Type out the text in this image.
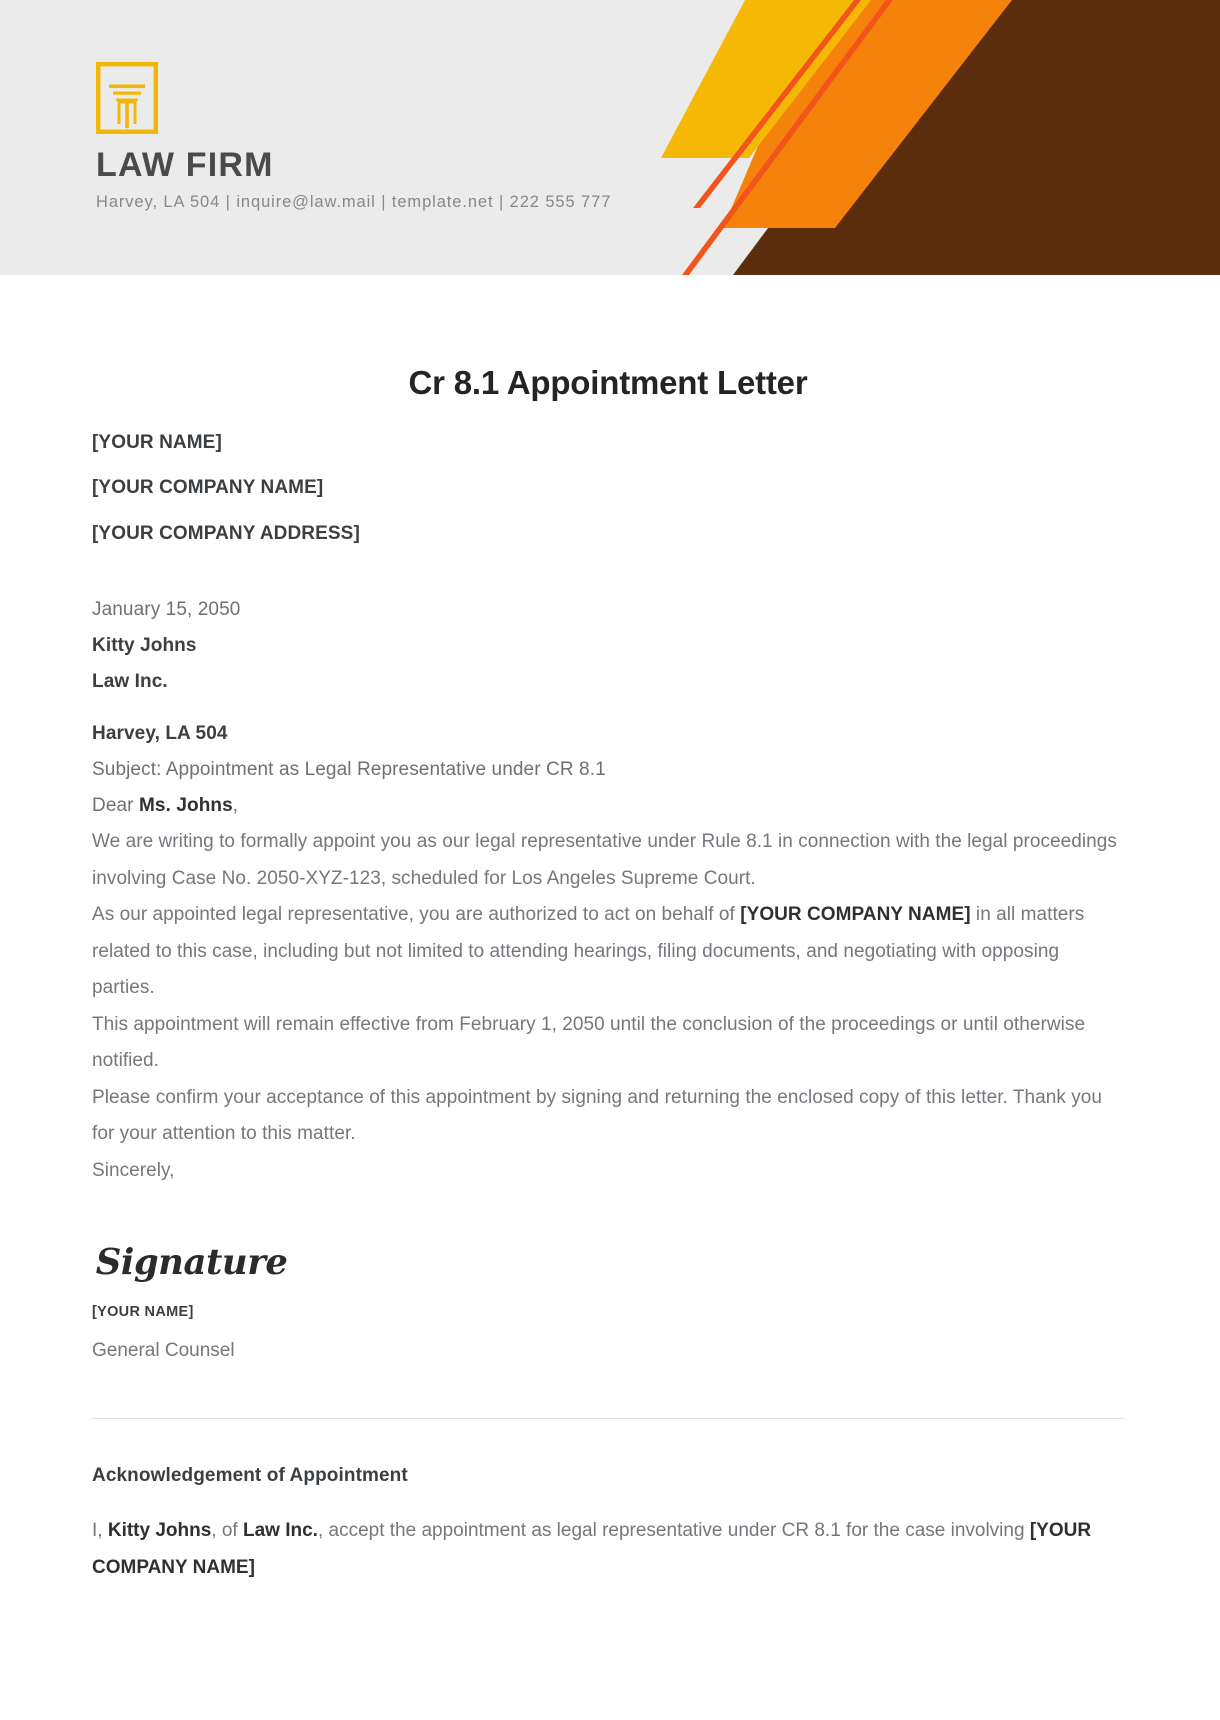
LAW FIRM
Harvey, LA 504 | inquire@law.mail | template.net | 222 555 777
Cr 8.1 Appointment Letter
[YOUR NAME]
[YOUR COMPANY NAME]
[YOUR COMPANY ADDRESS]
January 15, 2050
Kitty Johns
Law Inc.
Harvey, LA 504
Subject: Appointment as Legal Representative under CR 8.1
Dear Ms. Johns,

We are writing to formally appoint you as our legal representative under Rule 8.1 in connection with the legal proceedings involving Case No. 2050-XYZ-123, scheduled for Los Angeles Supreme Court.

As our appointed legal representative, you are authorized to act on behalf of [YOUR COMPANY NAME] in all matters related to this case, including but not limited to attending hearings, filing documents, and negotiating with opposing parties.

This appointment will remain effective from February 1, 2050 until the conclusion of the proceedings or until otherwise notified.

Please confirm your acceptance of this appointment by signing and returning the enclosed copy of this letter. Thank you for your attention to this matter.

Sincerely,

Signature
[YOUR NAME]
General Counsel
Acknowledgement of Appointment

I, Kitty Johns, of Law Inc., accept the appointment as legal representative under CR 8.1 for the case involving [YOUR COMPANY NAME]
